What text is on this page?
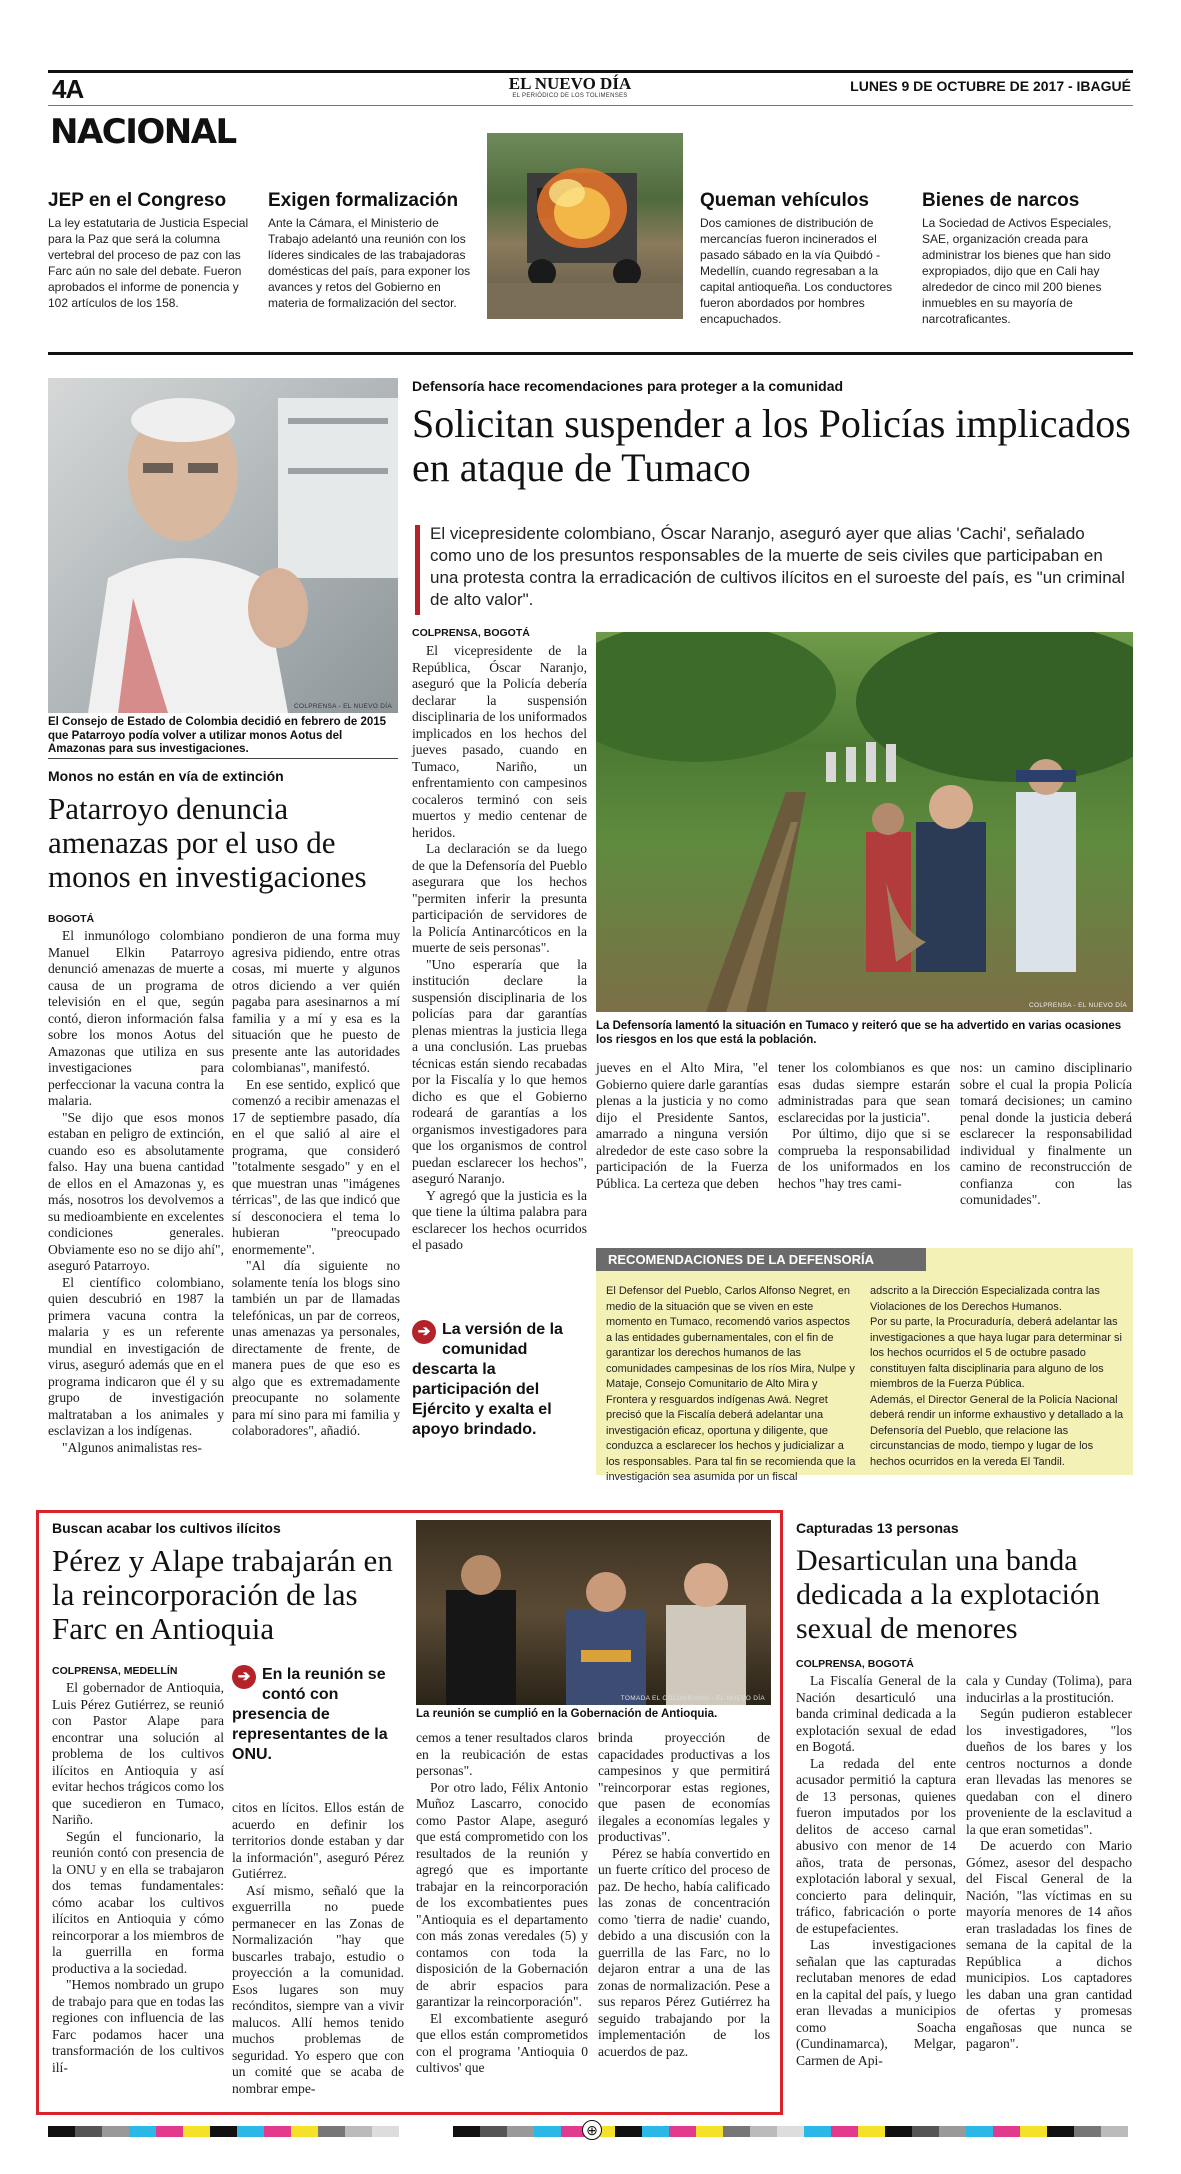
4A	EL NUEVO DÍA
EL PERIÓDICO DE LOS TOLIMENSES
LUNES 9 DE OCTUBRE DE 2017 - IBAGUÉ
NACIONAL
JEP en el Congreso
La ley estatutaria de Justicia Especial para la Paz que será la columna vertebral del proceso de paz con las Farc aún no sale del debate. Fueron aprobados el informe de ponencia y 102 artículos de los 158.
Exigen formalización
Ante la Cámara, el Ministerio de Trabajo adelantó una reunión con los líderes sindicales de las trabajadoras domésticas del país, para exponer los avances y retos del Gobierno en materia de formalización del sector.
Queman vehículos
Dos camiones de distribución de mercancías fueron incinerados el pasado sábado en la vía Quibdó - Medellín, cuando regresaban a la capital antioqueña. Los conductores fueron abordados por hombres encapuchados.
Bienes de narcos
La Sociedad de Activos Especiales, SAE, organización creada para administrar los bienes que han sido expropiados, dijo que en Cali hay alrededor de cinco mil 200 bienes inmuebles en su mayoría de narcotraficantes.
COLPRENSA - EL NUEVO DÍA
El Consejo de Estado de Colombia decidió en febrero de 2015 que Patarroyo podía volver a utilizar monos Aotus del Amazonas para sus investigaciones.
Monos no están en vía de extinción
Patarroyo denuncia amenazas por el uso de monos en investigaciones
BOGOTÁ

El inmunólogo colombiano Manuel Elkin Patarroyo denunció amenazas de muerte a causa de un programa de televisión en el que, según contó, dieron información falsa sobre los monos Aotus del Amazonas que utiliza en sus investigaciones para perfeccionar la vacuna contra la malaria.

"Se dijo que esos monos estaban en peligro de extinción, cuando eso es absolutamente falso. Hay una buena cantidad de ellos en el Amazonas y, es más, nosotros los devolvemos a su medioambiente en excelentes condiciones generales. Obviamente eso no se dijo ahí", aseguró Patarroyo.

El científico colombiano, quien descubrió en 1987 la primera vacuna contra la malaria y es un referente mundial en investigación de virus, aseguró además que en el programa indicaron que él y su grupo de investigación maltrataban a los animales y esclavizan a los indígenas.

"Algunos animalistas res-

pondieron de una forma muy agresiva pidiendo, entre otras cosas, mi muerte y algunos otros diciendo a ver quién pagaba para asesinarnos a mí familia y a mí y esa es la situación que he puesto de presente ante las autoridades colombianas", manifestó.

En ese sentido, explicó que comenzó a recibir amenazas el 17 de septiembre pasado, día en el que salió al aire el programa, que consideró "totalmente sesgado" y en el que muestran unas "imágenes térricas", de las que indicó que sí desconociera el tema lo hubieran "preocupado enormemente".

"Al día siguiente no solamente tenía los blogs sino también un par de llamadas telefónicas, un par de correos, unas amenazas ya personales, directamente de frente, de manera pues de que eso es algo que es extremadamente preocupante no solamente para mí sino para mi familia y colaboradores", añadió.

Defensoría hace recomendaciones para proteger a la comunidad
Solicitan suspender a los Policías implicados en ataque de Tumaco
El vicepresidente colombiano, Óscar Naranjo, aseguró ayer que alias 'Cachi', señalado como uno de los presuntos responsables de la muerte de seis civiles que participaban en una protesta contra la erradicación de cultivos ilícitos en el suroeste del país, es "un criminal de alto valor".
COLPRENSA, BOGOTÁ

El vicepresidente de la República, Óscar Naranjo, aseguró que la Policía debería declarar la suspensión disciplinaria de los uniformados implicados en los hechos del jueves pasado, cuando en Tumaco, Nariño, un enfrentamiento con campesinos cocaleros terminó con seis muertos y medio centenar de heridos.

La declaración se da luego de que la Defensoría del Pueblo asegurara que los hechos "permiten inferir la presunta participación de servidores de la Policía Antinarcóticos en la muerte de seis personas".

"Uno esperaría que la institución declare la suspensión disciplinaria de los policías para dar garantías plenas mientras la justicia llega a una conclusión. Las pruebas técnicas están siendo recabadas por la Fiscalía y lo que hemos dicho es que el Gobierno rodeará de garantías a los organismos investigadores para que los organismos de control puedan esclarecer los hechos", aseguró Naranjo.

Y agregó que la justicia es la que tiene la última palabra para esclarecer los hechos ocurridos el pasado

➔ La versión de la comunidad descarta la participación del Ejército y exalta el apoyo brindado.
COLPRENSA - EL NUEVO DÍA
La Defensoría lamentó la situación en Tumaco y reiteró que se ha advertido en varias ocasiones los riesgos en los que está la población.

jueves en el Alto Mira, "el Gobierno quiere darle garantías plenas a la justicia y no como dijo el Presidente Santos, amarrado a ninguna versión alrededor de este caso sobre la participación de la Fuerza Pública. La certeza que deben

tener los colombianos es que esas dudas siempre estarán administradas para que sean esclarecidas por la justicia".

Por último, dijo que si se comprueba la responsabilidad de los uniformados en los hechos "hay tres cami-

nos: un camino disciplinario sobre el cual la propia Policía tomará decisiones; un camino penal donde la justicia deberá esclarecer la responsabilidad individual y finalmente un camino de reconstrucción de confianza con las comunidades".

RECOMENDACIONES DE LA DEFENSORÍA
El Defensor del Pueblo, Carlos Alfonso Negret, en medio de la situación que se viven en este momento en Tumaco, recomendó varios aspectos a las entidades gubernamentales, con el fin de garantizar los derechos humanos de las comunidades campesinas de los ríos Mira, Nulpe y Mataje, Consejo Comunitario de Alto Mira y Frontera y resguardos indígenas Awá. Negret precisó que la Fiscalía deberá adelantar una investigación eficaz, oportuna y diligente, que conduzca a esclarecer los hechos y judicializar a los responsables. Para tal fin se recomienda que la investigación sea asumida por un fiscal
adscrito a la Dirección Especializada contra las Violaciones de los Derechos Humanos.
Por su parte, la Procuraduría, deberá adelantar las investigaciones a que haya lugar para determinar si los hechos ocurridos el 5 de octubre pasado constituyen falta disciplinaria para alguno de los miembros de la Fuerza Pública.
Además, el Director General de la Policía Nacional deberá rendir un informe exhaustivo y detallado a la Defensoría del Pueblo, que relacione las circunstancias de modo, tiempo y lugar de los hechos ocurridos en la vereda El Tandil.
Buscan acabar los cultivos ilícitos
Pérez y Alape trabajarán en la reincorporación de las Farc en Antioquia
COLPRENSA, MEDELLÍN

El gobernador de Antioquia, Luis Pérez Gutiérrez, se reunió con Pastor Alape para encontrar una solución al problema de los cultivos ilícitos en Antioquia y así evitar hechos trágicos como los que sucedieron en Tumaco, Nariño.

Según el funcionario, la reunión contó con presencia de la ONU y en ella se trabajaron dos temas fundamentales: cómo acabar los cultivos ilícitos en Antioquia y cómo reincorporar a los miembros de la guerrilla en forma productiva a la sociedad.

"Hemos nombrado un grupo de trabajo para que en todas las regiones con influencia de las Farc podamos hacer una transformación de los cultivos ilí-

➔ En la reunión se contó con presencia de representantes de la ONU.

citos en lícitos. Ellos están de acuerdo en definir los territorios donde estaban y dar la información", aseguró Pérez Gutiérrez.

Así mismo, señaló que la exguerrilla no puede permanecer en las Zonas de Normalización "hay que buscarles trabajo, estudio o proyección a la comunidad. Esos lugares son muy recónditos, siempre van a vivir malucos. Allí hemos tenido muchos problemas de seguridad. Yo espero que con un comité que se acaba de nombrar empe-

TOMADA EL COLOMBIANO - EL NUEVO DÍA
La reunión se cumplió en la Gobernación de Antioquia.

cemos a tener resultados claros en la reubicación de estas personas".

Por otro lado, Félix Antonio Muñoz Lascarro, conocido como Pastor Alape, aseguró que está comprometido con los resultados de la reunión y agregó que es importante trabajar en la reincorporación de los excombatientes pues "Antioquia es el departamento con más zonas veredales (5) y contamos con toda la disposición de la Gobernación de abrir espacios para garantizar la reincorporación".

El excombatiente aseguró que ellos están comprometidos con el programa 'Antioquia 0 cultivos' que

brinda proyección de capacidades productivas a los campesinos y que permitirá "reincorporar estas regiones, que pasen de economías ilegales a economías legales y productivas".

Pérez se había convertido en un fuerte crítico del proceso de paz. De hecho, había calificado las zonas de concentración como 'tierra de nadie' cuando, debido a una discusión con la guerrilla de las Farc, no lo dejaron entrar a una de las zonas de normalización. Pese a sus reparos Pérez Gutiérrez ha seguido trabajando por la implementación de los acuerdos de paz.

Capturadas 13 personas
Desarticulan una banda dedicada a la explotación sexual de menores
COLPRENSA, BOGOTÁ

La Fiscalía General de la Nación desarticuló una banda criminal dedicada a la explotación sexual de edad en Bogotá.

La redada del ente acusador permitió la captura de 13 personas, quienes fueron imputados por los delitos de acceso carnal abusivo con menor de 14 años, trata de personas, explotación laboral y sexual, concierto para delinquir, tráfico, fabricación o porte de estupefacientes.

Las investigaciones señalan que las capturadas reclutaban menores de edad en la capital del país, y luego eran llevadas a municipios como Soacha (Cundinamarca), Melgar, Carmen de Api-

cala y Cunday (Tolima), para inducirlas a la prostitución.

Según pudieron establecer los investigadores, "los dueños de los bares y los centros nocturnos a donde eran llevadas las menores se quedaban con el dinero proveniente de la esclavitud a la que eran sometidas".

De acuerdo con Mario Gómez, asesor del despacho del Fiscal General de la Nación, "las víctimas en su mayoría menores de 14 años eran trasladadas los fines de semana de la capital de la República a dichos municipios. Los captadores les daban una gran cantidad de ofertas y promesas engañosas que nunca se pagaron".

⊕
